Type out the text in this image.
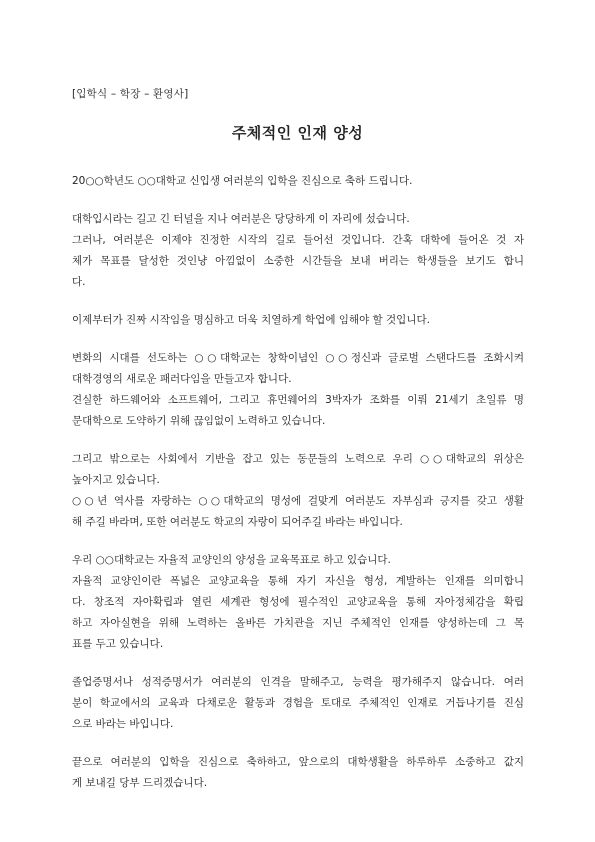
[입학식 – 학장 – 환영사]
주체적인 인재 양성
20○○학년도 ○○대학교 신입생 여러분의 입학을 진심으로 축하 드립니다.
대학입시라는 길고 긴 터널을 지나 여러분은 당당하게 이 자리에 섰습니다.
그러나, 여러분은 이제야 진정한 시작의 길로 들어선 것입니다. 간혹 대학에 들어온 것 자
체가 목표를 달성한 것인냥 아낌없이 소중한 시간들을 보내 버리는 학생들을 보기도 합니
다.
이제부터가 진짜 시작임을 명심하고 더욱 치열하게 학업에 임해야 할 것입니다.
변화의 시대를 선도하는 ○○대학교는 창학이념인 ○○정신과 글로벌 스탠다드를 조화시켜
대학경영의 새로운 패러다임을 만들고자 합니다.
견실한 하드웨어와 소프트웨어, 그리고 휴먼웨어의 3박자가 조화를 이뤄 21세기 초일류 명
문대학으로 도약하기 위해 끊임없이 노력하고 있습니다.
그리고 밖으로는 사회에서 기반을 잡고 있는 동문들의 노력으로 우리 ○○대학교의 위상은
높아지고 있습니다.
○○년 역사를 자랑하는 ○○대학교의 명성에 걸맞게 여러분도 자부심과 긍지를 갖고 생활
해 주길 바라며, 또한 여러분도 학교의 자랑이 되어주길 바라는 바입니다.
우리 ○○대학교는 자율적 교양인의 양성을 교육목표로 하고 있습니다.
자율적 교양인이란 폭넓은 교양교육을 통해 자기 자신을 형성, 계발하는 인재를 의미합니
다. 창조적 자아확립과 열린 세계관 형성에 필수적인 교양교육을 통해 자아정체감을 확립
하고 자아실현을 위해 노력하는 올바른 가치관을 지닌 주체적인 인재를 양성하는데 그 목
표를 두고 있습니다.
졸업증명서나 성적증명서가 여러분의 인격을 말해주고, 능력을 평가해주지 않습니다. 여러
분이 학교에서의 교육과 다채로운 활동과 경험을 토대로 주체적인 인재로 거듭나기를 진심
으로 바라는 바입니다.
끝으로 여러분의 입학을 진심으로 축하하고, 앞으로의 대학생활을 하루하루 소중하고 값지
게 보내길 당부 드리겠습니다.
